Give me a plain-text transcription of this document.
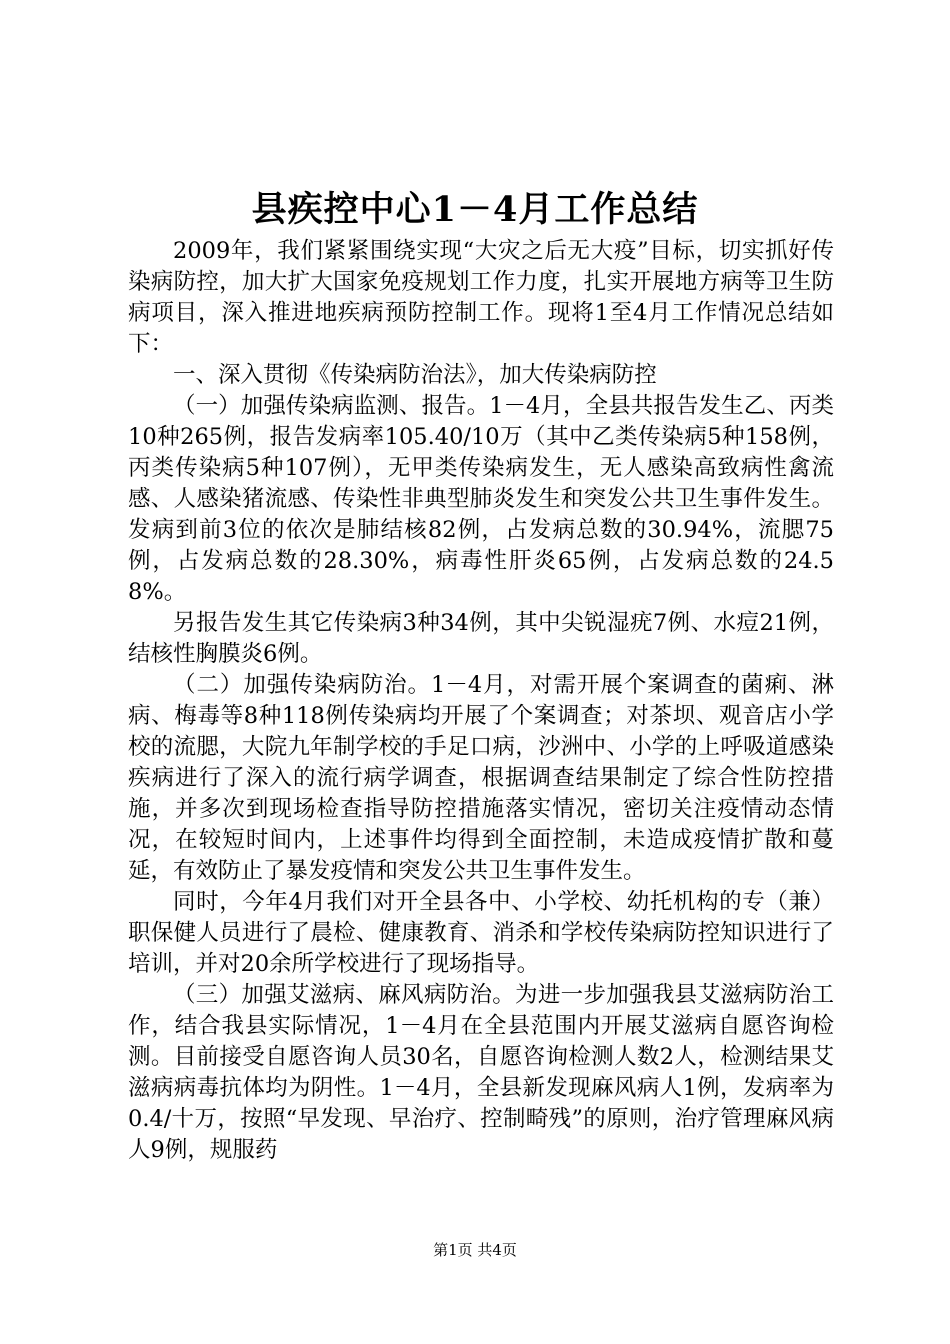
县疾控中心1－4月工作总结

2009年，我们紧紧围绕实现“大灾之后无大疫”目标，切实抓好传染病防控，加大扩大国家免疫规划工作力度，扎实开展地方病等卫生防病项目，深入推进地疾病预防控制工作。现将1至4月工作情况总结如下：

一、深入贯彻《传染病防治法》，加大传染病防控

（一）加强传染病监测、报告。1－4月，全县共报告发生乙、丙类10种265例，报告发病率105.40/10万（其中乙类传染病5种158例，丙类传染病5种107例），无甲类传染病发生，无人感染高致病性禽流感、人感染猪流感、传染性非典型肺炎发生和突发公共卫生事件发生。发病到前3位的依次是肺结核82例，占发病总数的30.94%，流腮75例，占发病总数的28.30%，病毒性肝炎65例，占发病总数的24.58%。

另报告发生其它传染病3种34例，其中尖锐湿疣7例、水痘21例，结核性胸膜炎6例。

（二）加强传染病防治。1－4月，对需开展个案调查的菌痢、淋病、梅毒等8种118例传染病均开展了个案调查；对茶坝、观音店小学校的流腮，大院九年制学校的手足口病，沙洲中、小学的上呼吸道感染疾病进行了深入的流行病学调查，根据调查结果制定了综合性防控措施，并多次到现场检查指导防控措施落实情况，密切关注疫情动态情况，在较短时间内，上述事件均得到全面控制，未造成疫情扩散和蔓延，有效防止了暴发疫情和突发公共卫生事件发生。

同时，今年4月我们对开全县各中、小学校、幼托机构的专（兼）职保健人员进行了晨检、健康教育、消杀和学校传染病防控知识进行了培训，并对20余所学校进行了现场指导。

（三）加强艾滋病、麻风病防治。为进一步加强我县艾滋病防治工作，结合我县实际情况，1－4月在全县范围内开展艾滋病自愿咨询检测。目前接受自愿咨询人员30名，自愿咨询检测人数2人，检测结果艾滋病病毒抗体均为阴性。1－4月，全县新发现麻风病人1例，发病率为0.4/十万，按照“早发现、早治疗、控制畸残”的原则，治疗管理麻风病人9例，规服药

第1页 共4页
